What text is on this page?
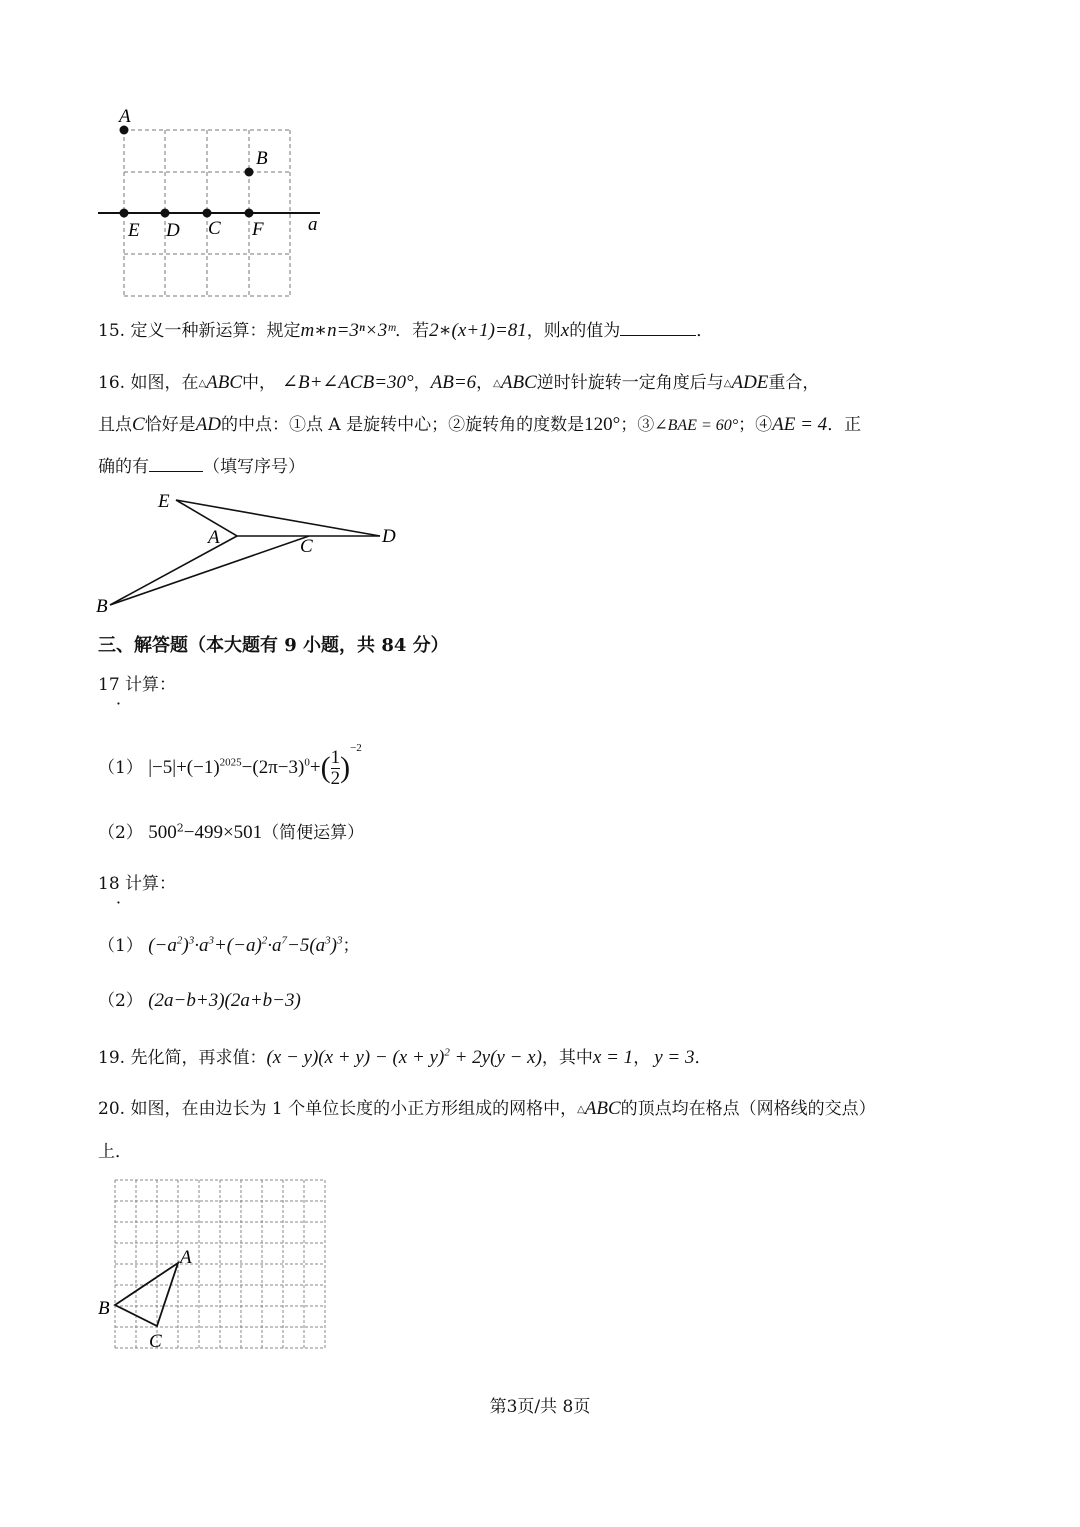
A
B
E D C F a
15. 定义一种新运算：规定m∗n=3ⁿ×3ᵐ．若2∗(x+1)=81，则x的值为	．
16. 如图，在△ABC中， ∠B+∠ACB=30°，AB=6，△ABC逆时针旋转一定角度后与△ADE重合，
且点C恰好是AD的中点：①点 A 是旋转中心；②旋转角的度数是120°；③∠BAE = 60°；④AE = 4．正
确的有	（填写序号）
E
A	C	D
B
三、解答题（本大题有 9 小题，共 84 分）
17 计算：
．
（1） $|-5|+(-1)^{2025}-(2\pi-3)^0+( \frac{1}{2} )^{-2}$
（2） $500^2-499\times 501$（简便运算）
18 计算：
．
（1） $(-a^2)^3\cdot a^3+(-a)^2\cdot a^7-5(a^3)^3$；
（2） (2a−b+3)(2a+b−3)
19. 先化简，再求值：$(x - y)(x + y) - (x + y)^2 + 2y(y - x)$，其中x = 1， y = 3．
20. 如图，在由边长为 1 个单位长度的小正方形组成的网格中，△ABC的顶点均在格点（网格线的交点）
上．
A
B
C
第3页/共 8页
